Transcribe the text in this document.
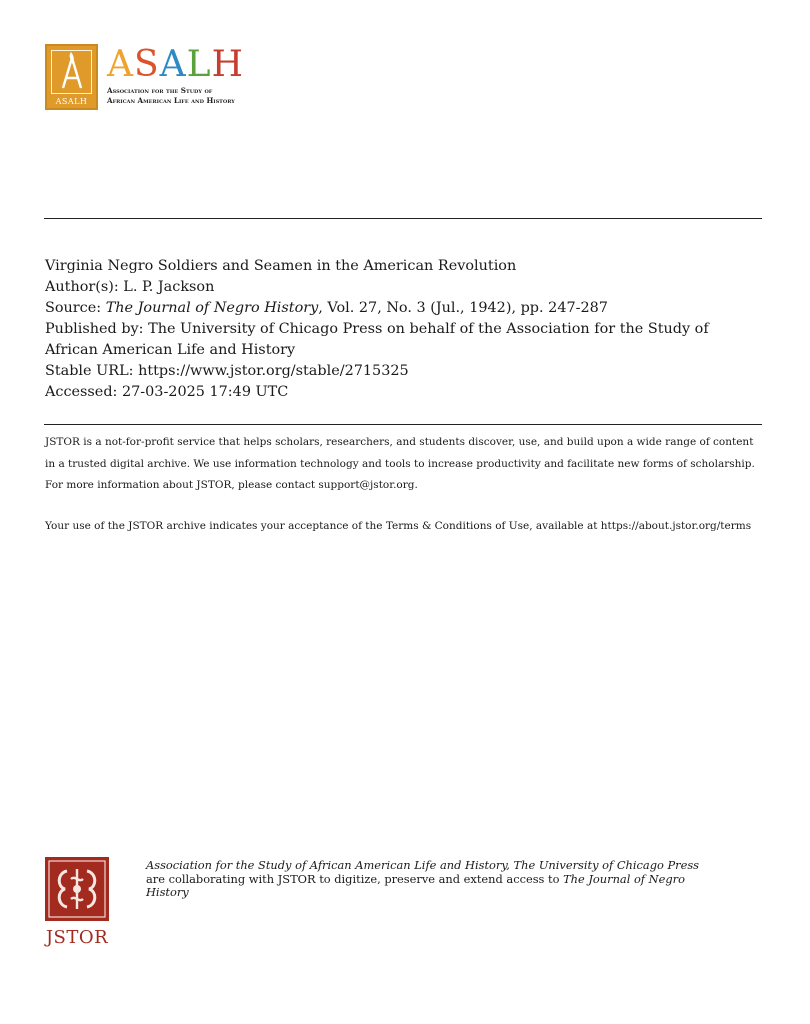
ASALH
ASALH
Association for the Study of
African American Life and History
Virginia Negro Soldiers and Seamen in the American Revolution
Author(s): L. P. Jackson
Source: The Journal of Negro History, Vol. 27, No. 3 (Jul., 1942), pp. 247-287
Published by: The University of Chicago Press on behalf of the Association for the Study of African American Life and History
Stable URL: https://www.jstor.org/stable/2715325
Accessed: 27-03-2025 17:49 UTC
JSTOR is a not-for-profit service that helps scholars, researchers, and students discover, use, and build upon a wide range of content in a trusted digital archive. We use information technology and tools to increase productivity and facilitate new forms of scholarship. For more information about JSTOR, please contact support@jstor.org.
Your use of the JSTOR archive indicates your acceptance of the Terms & Conditions of Use, available at https://about.jstor.org/terms
JSTOR
Association for the Study of African American Life and History, The University of Chicago Press are collaborating with JSTOR to digitize, preserve and extend access to The Journal of Negro History
